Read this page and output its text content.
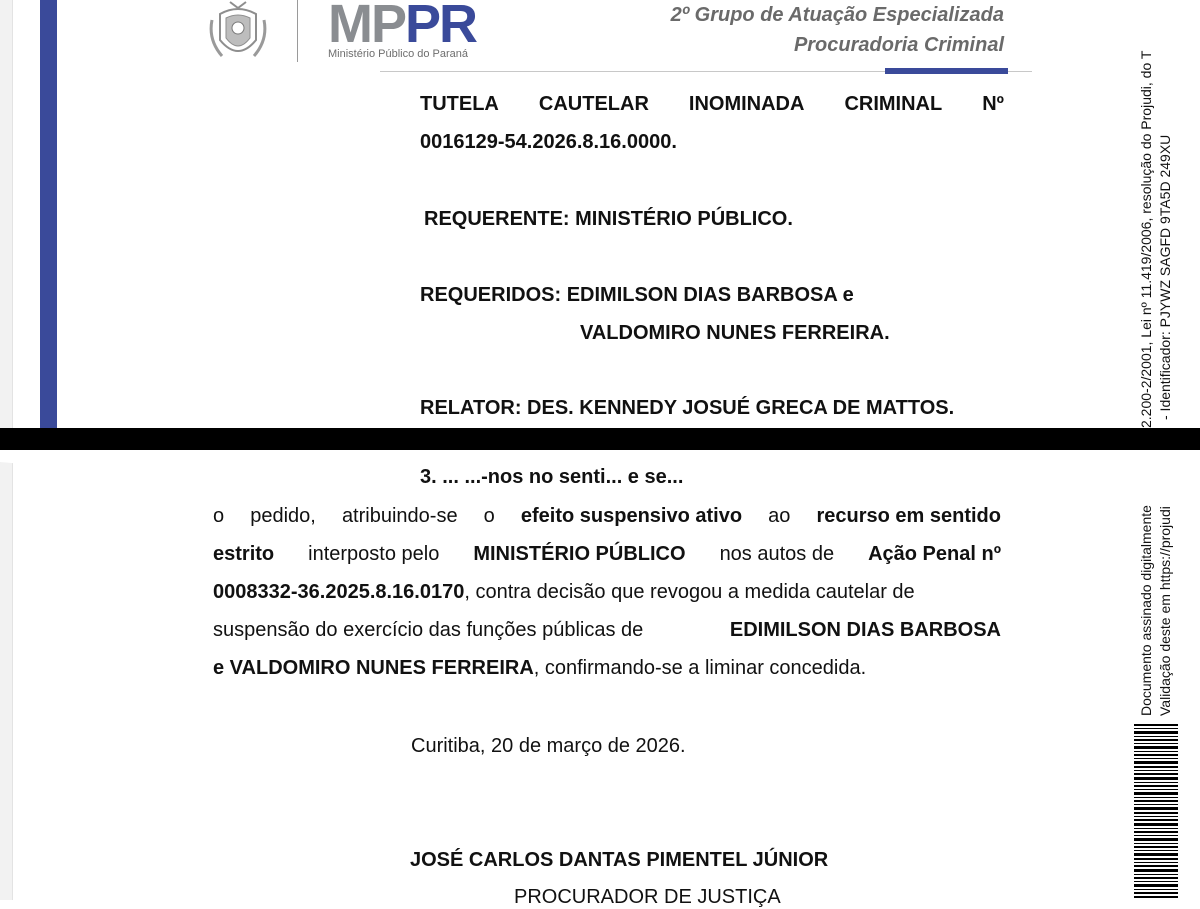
MPPR
Ministério Público do Paraná
2º Grupo de Atuação Especializada
Procuradoria Criminal
TUTELA CAUTELAR INOMINADA CRIMINAL Nº
0016129-54.2026.8.16.0000.
REQUERENTE: MINISTÉRIO PÚBLICO.
REQUERIDOS: EDIMILSON DIAS BARBOSA e
VALDOMIRO NUNES FERREIRA.
RELATOR: DES. KENNEDY JOSUÉ GRECA DE MATTOS.
3. ... ...-nos no senti... e se...
o pedido, atribuindo-se o efeito suspensivo ativo ao recurso em sentido
estrito interposto pelo MINISTÉRIO PÚBLICO nos autos de Ação Penal nº
0008332-36.2025.8.16.0170, contra decisão que revogou a medida cautelar de
suspensão do exercício das funções públicas de	EDIMILSON DIAS BARBOSA
e VALDOMIRO NUNES FERREIRA, confirmando-se a liminar concedida.
Curitiba, 20 de março de 2026.
JOSÉ CARLOS DANTAS PIMENTEL JÚNIOR
PROCURADOR DE JUSTIÇA
2.200-2/2001, Lei nº 11.419/2006, resolução do Projudi, do T - Identificador: PJYWZ SAGFD 9TA5D 249XU
Documento assinado digitalmente Validação deste em https://projudi
